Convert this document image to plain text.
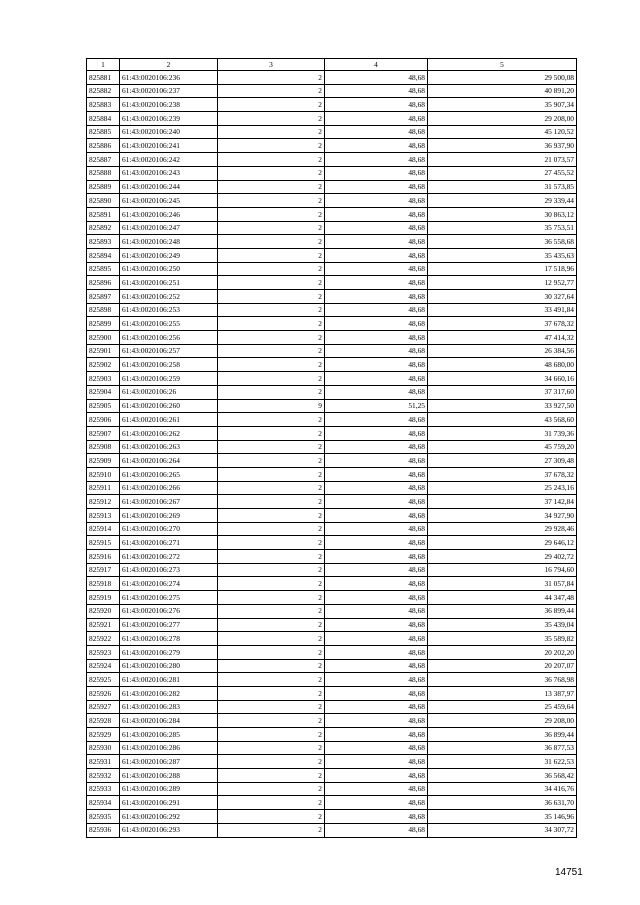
1	2	3	4	5
825881	61:43:0020106:236	2	48,68	29 500,08
825882	61:43:0020106:237	2	48,68	40 891,20
825883	61:43:0020106:238	2	48,68	35 907,34
825884	61:43:0020106:239	2	48,68	29 208,00
825885	61:43:0020106:240	2	48,68	45 120,52
825886	61:43:0020106:241	2	48,68	36 937,90
825887	61:43:0020106:242	2	48,68	21 073,57
825888	61:43:0020106:243	2	48,68	27 455,52
825889	61:43:0020106:244	2	48,68	31 573,85
825890	61:43:0020106:245	2	48,68	29 339,44
825891	61:43:0020106:246	2	48,68	30 863,12
825892	61:43:0020106:247	2	48,68	35 753,51
825893	61:43:0020106:248	2	48,68	36 558,68
825894	61:43:0020106:249	2	48,68	35 435,63
825895	61:43:0020106:250	2	48,68	17 518,96
825896	61:43:0020106:251	2	48,68	12 952,77
825897	61:43:0020106:252	2	48,68	30 327,64
825898	61:43:0020106:253	2	48,68	33 491,84
825899	61:43:0020106:255	2	48,68	37 678,32
825900	61:43:0020106:256	2	48,68	47 414,32
825901	61:43:0020106:257	2	48,68	26 384,56
825902	61:43:0020106:258	2	48,68	48 680,00
825903	61:43:0020106:259	2	48,68	34 660,16
825904	61:43:0020106:26	2	48,68	37 317,60
825905	61:43:0020106:260	9	51,25	33 927,50
825906	61:43:0020106:261	2	48,68	43 568,60
825907	61:43:0020106:262	2	48,68	31 739,36
825908	61:43:0020106:263	2	48,68	45 759,20
825909	61:43:0020106:264	2	48,68	27 309,48
825910	61:43:0020106:265	2	48,68	37 678,32
825911	61:43:0020106:266	2	48,68	25 243,16
825912	61:43:0020106:267	2	48,68	37 142,84
825913	61:43:0020106:269	2	48,68	34 927,90
825914	61:43:0020106:270	2	48,68	29 928,46
825915	61:43:0020106:271	2	48,68	29 646,12
825916	61:43:0020106:272	2	48,68	29 402,72
825917	61:43:0020106:273	2	48,68	16 794,60
825918	61:43:0020106:274	2	48,68	31 057,84
825919	61:43:0020106:275	2	48,68	44 347,48
825920	61:43:0020106:276	2	48,68	36 899,44
825921	61:43:0020106:277	2	48,68	35 439,04
825922	61:43:0020106:278	2	48,68	35 589,82
825923	61:43:0020106:279	2	48,68	20 202,20
825924	61:43:0020106:280	2	48,68	20 207,07
825925	61:43:0020106:281	2	48,68	36 768,98
825926	61:43:0020106:282	2	48,68	13 387,97
825927	61:43:0020106:283	2	48,68	25 459,64
825928	61:43:0020106:284	2	48,68	29 208,00
825929	61:43:0020106:285	2	48,68	36 899,44
825930	61:43:0020106:286	2	48,68	36 877,53
825931	61:43:0020106:287	2	48,68	31 622,53
825932	61:43:0020106:288	2	48,68	36 568,42
825933	61:43:0020106:289	2	48,68	34 416,76
825934	61:43:0020106:291	2	48,68	36 631,70
825935	61:43:0020106:292	2	48,68	35 146,96
825936	61:43:0020106:293	2	48,68	34 307,72
14751
